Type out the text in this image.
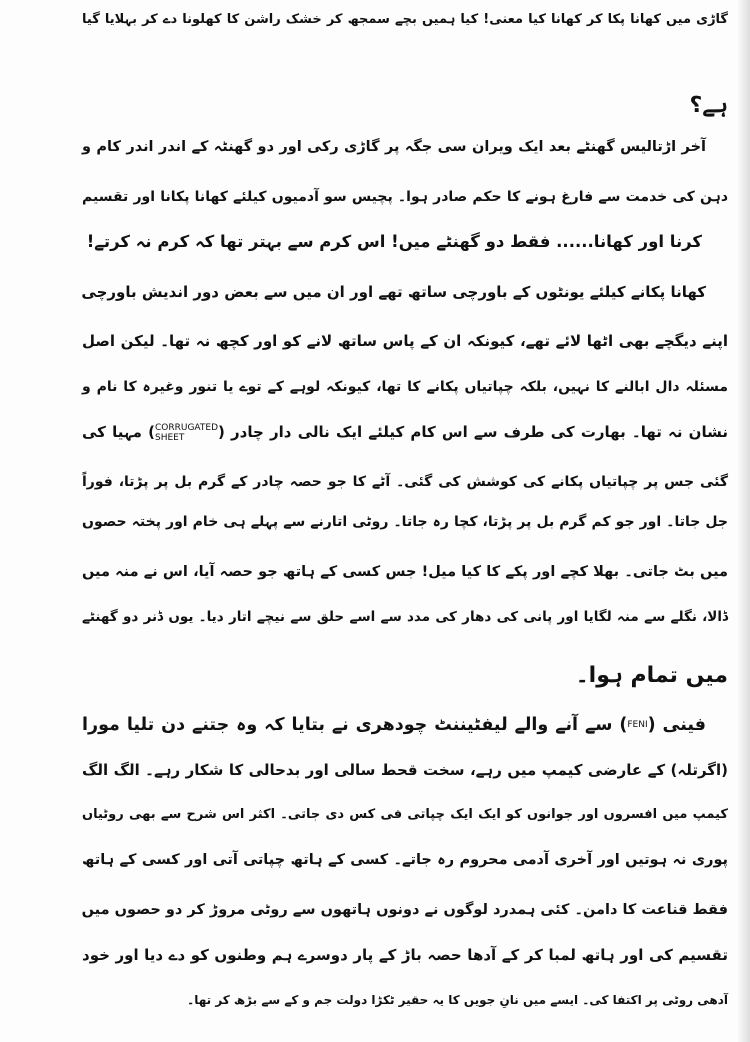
گاڑی میں کھانا پکا کر کھانا کیا معنی! کیا ہمیں بچے سمجھ کر خشک راشن کا کھلونا دے کر بہلایا گیا
ہے؟
آخر اڑتالیس گھنٹے بعد ایک ویران سی جگہ پر گاڑی رکی اور دو گھنٹہ کے اندر اندر کام و
دہن کی خدمت سے فارغ ہونے کا حکم صادر ہوا۔ پچیس سو آدمیوں کیلئے کھانا پکانا اور تقسیم
کرنا اور کھانا...... فقط دو گھنٹے میں! اس کرم سے بہتر تھا کہ کرم نہ کرتے!
کھانا پکانے کیلئے یونٹوں کے باورچی ساتھ تھے اور ان میں سے بعض دور اندیش باورچی
اپنے دیگچے بھی اٹھا لائے تھے، کیونکہ ان کے پاس ساتھ لانے کو اور کچھ نہ تھا۔ لیکن اصل
مسئلہ دال ابالنے کا نہیں، بلکہ چپاتیاں پکانے کا تھا، کیونکہ لوہے کے توے یا تنور وغیرہ کا نام و
نشان نہ تھا۔ بھارت کی طرف سے اس کام کیلئے ایک نالی دار چادر (CORRUGATED
SHEET) مہیا کی
گئی جس پر چپاتیاں پکانے کی کوشش کی گئی۔ آٹے کا جو حصہ چادر کے گرم بل پر پڑتا، فوراً
جل جاتا۔ اور جو کم گرم بل پر پڑتا، کچا رہ جاتا۔ روٹی اتارنے سے پہلے ہی خام اور پختہ حصوں
میں بٹ جاتی۔ بھلا کچے اور پکے کا کیا میل! جس کسی کے ہاتھ جو حصہ آیا، اس نے منہ میں
ڈالا، نگلے سے منہ لگایا اور پانی کی دھار کی مدد سے اسے حلق سے نیچے اتار دیا۔ یوں ڈنر دو گھنٹے
میں تمام ہوا۔
فینی (FENI) سے آنے والے لیفٹیننٹ چودھری نے بتایا کہ وہ جتنے دن تلیا مورا
(اگرتلہ) کے عارضی کیمپ میں رہے، سخت قحط سالی اور بدحالی کا شکار رہے۔ الگ الگ
کیمپ میں افسروں اور جوانوں کو ایک ایک چپاتی فی کس دی جاتی۔ اکثر اس شرح سے بھی روٹیاں
پوری نہ ہوتیں اور آخری آدمی محروم رہ جاتے۔ کسی کے ہاتھ چپاتی آتی اور کسی کے ہاتھ
فقط قناعت کا دامن۔ کئی ہمدرد لوگوں نے دونوں ہاتھوں سے روٹی مروڑ کر دو حصوں میں
تقسیم کی اور ہاتھ لمبا کر کے آدھا حصہ باڑ کے پار دوسرے ہم وطنوں کو دے دیا اور خود
آدھی روٹی پر اکتفا کی۔ ایسے میں نانِ جویں کا یہ حقیر ٹکڑا دولت جم و کے سے بڑھ کر تھا۔
